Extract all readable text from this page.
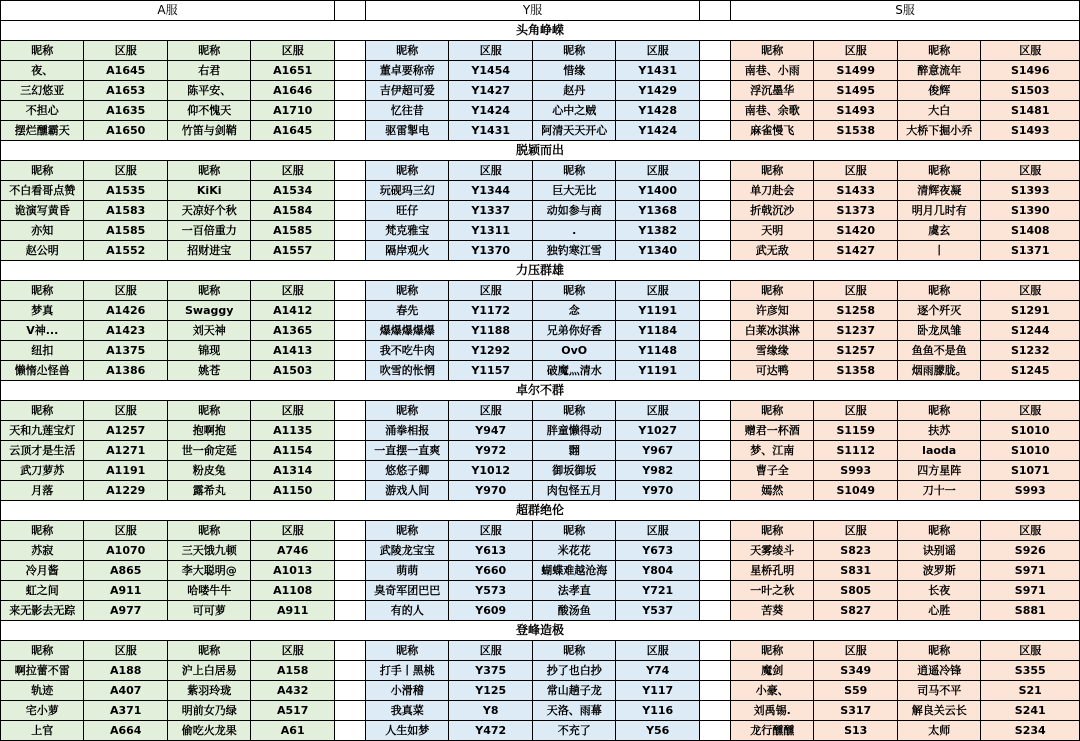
A服					Y服					S服			
头角峥嵘													
昵称	区服	昵称	区服		昵称	区服	昵称	区服		昵称	区服	昵称	区服
夜、	A1645	右君	A1651		董卓要称帝	Y1454	惜缘	Y1431		南巷、小雨	S1499	醉意流年	S1496
三幻悠亚	A1653	陈平安、	A1646		吉伊超可爱	Y1427	赵丹	Y1429		浮沉墨华	S1495	俊辉	S1503
不担心	A1635	仰不愧天	A1710		忆往昔	Y1424	心中之贼	Y1428		南巷、余歌	S1493	大白	S1481
摆烂醺霸天	A1650	竹笛与剑鞘	A1645		驱雷掣电	Y1431	阿清天天开心	Y1424		麻雀慢飞	S1538	大桥下掘小乔	S1493
脱颖而出													
昵称	区服	昵称	区服		昵称	区服	昵称	区服		昵称	区服	昵称	区服
不白看哥点赞	A1535	KiKi	A1534		玩砚玛三幻	Y1344	巨大无比	Y1400		单刀赴会	S1433	清辉夜凝	S1393
诡演写黄昏	A1583	天凉好个秋	A1584		旺仔	Y1337	动如参与商	Y1368		折戟沉沙	S1373	明月几时有	S1390
亦知	A1585	一百倍重力	A1585		梵克雅宝	Y1311	.	Y1382		天明	S1420	虞玄	S1408
赵公明	A1552	招财进宝	A1557		隔岸观火	Y1370	独钓寒江雪	Y1340		武无敌	S1427	丨	S1371
力压群雄													
昵称	区服	昵称	区服		昵称	区服	昵称	区服		昵称	区服	昵称	区服
梦真	A1426	Swaggy	A1412		春先	Y1172	念	Y1191		许彦知	S1258	逐个歼灭	S1291
V神...	A1423	刘天神	A1365		爆爆爆爆爆	Y1188	兄弟你好香	Y1184		白莱冰淇淋	S1237	卧龙凤雏	S1244
纽扣	A1375	锦现	A1413		我不吃牛肉	Y1292	OvO	Y1148		雪缘缘	S1257	鱼鱼不是鱼	S1232
懒惰尐怪兽	A1386	姚苍	A1503		吹雪的怅惘	Y1157	破魔灬清水	Y1191		可达鸭	S1358	烟雨朦胧。	S1245
卓尔不群													
昵称	区服	昵称	区服		昵称	区服	昵称	区服		昵称	区服	昵称	区服
天和九莲宝灯	A1257	抱啊抱	A1135		涌拳相报	Y947	胖童懒得动	Y1027		赠君一杯酒	S1159	扶苏	S1010
云顶才是生活	A1271	世一俞定延	A1154		一直摆一直爽	Y972	翾	Y967		梦、江南	S1112	laoda	S1010
武刀萝苏	A1191	粉皮兔	A1314		悠悠子卿	Y1012	御坂御坂	Y982		曹子全	S993	四方星阵	S1071
月落	A1229	露希丸	A1150		游戏人间	Y970	肉包怪五月	Y970		嫣然	S1049	刀十一	S993
超群绝伦													
昵称	区服	昵称	区服		昵称	区服	昵称	区服		昵称	区服	昵称	区服
苏寂	A1070	三天饿九顿	A746		武陵龙宝宝	Y613	米花花	Y673		天雾绫斗	S823	诀别谣	S926
冷月酱	A865	李大聪明@	A1013		萌萌	Y660	蝴蝶难越沧海	Y804		星桥孔明	S831	波罗斯	S971
虹之间	A911	哈喽牛牛	A1108		臭奇军团巴巴	Y573	法孝直	Y721		一叶之秋	S805	长夜	S971
来无影去无踪	A977	可可萝	A911		有的人	Y609	酸汤鱼	Y537		苦葵	S827	心胜	S881
登峰造极													
昵称	区服	昵称	区服		昵称	区服	昵称	区服		昵称	区服	昵称	区服
啊拉蕾不雷	A188	沪上白居易	A158		打手丨黑桃	Y375	抄了也白抄	Y74		魔剑	S349	逍遥冷锋	S355
轨迹	A407	紫羽玲珑	A432		小滑稽	Y125	常山趟子龙	Y117		小豪、	S59	司马不平	S21
宅小萝	A371	明前女乃绿	A517		我真菜	Y8	天洛、雨幕	Y116		刘禹锡.	S317	解良关云长	S241
上官	A664	偷吃火龙果	A61		人生如梦	Y472	不充了	Y56		龙行醺醺	S13	太师	S234
